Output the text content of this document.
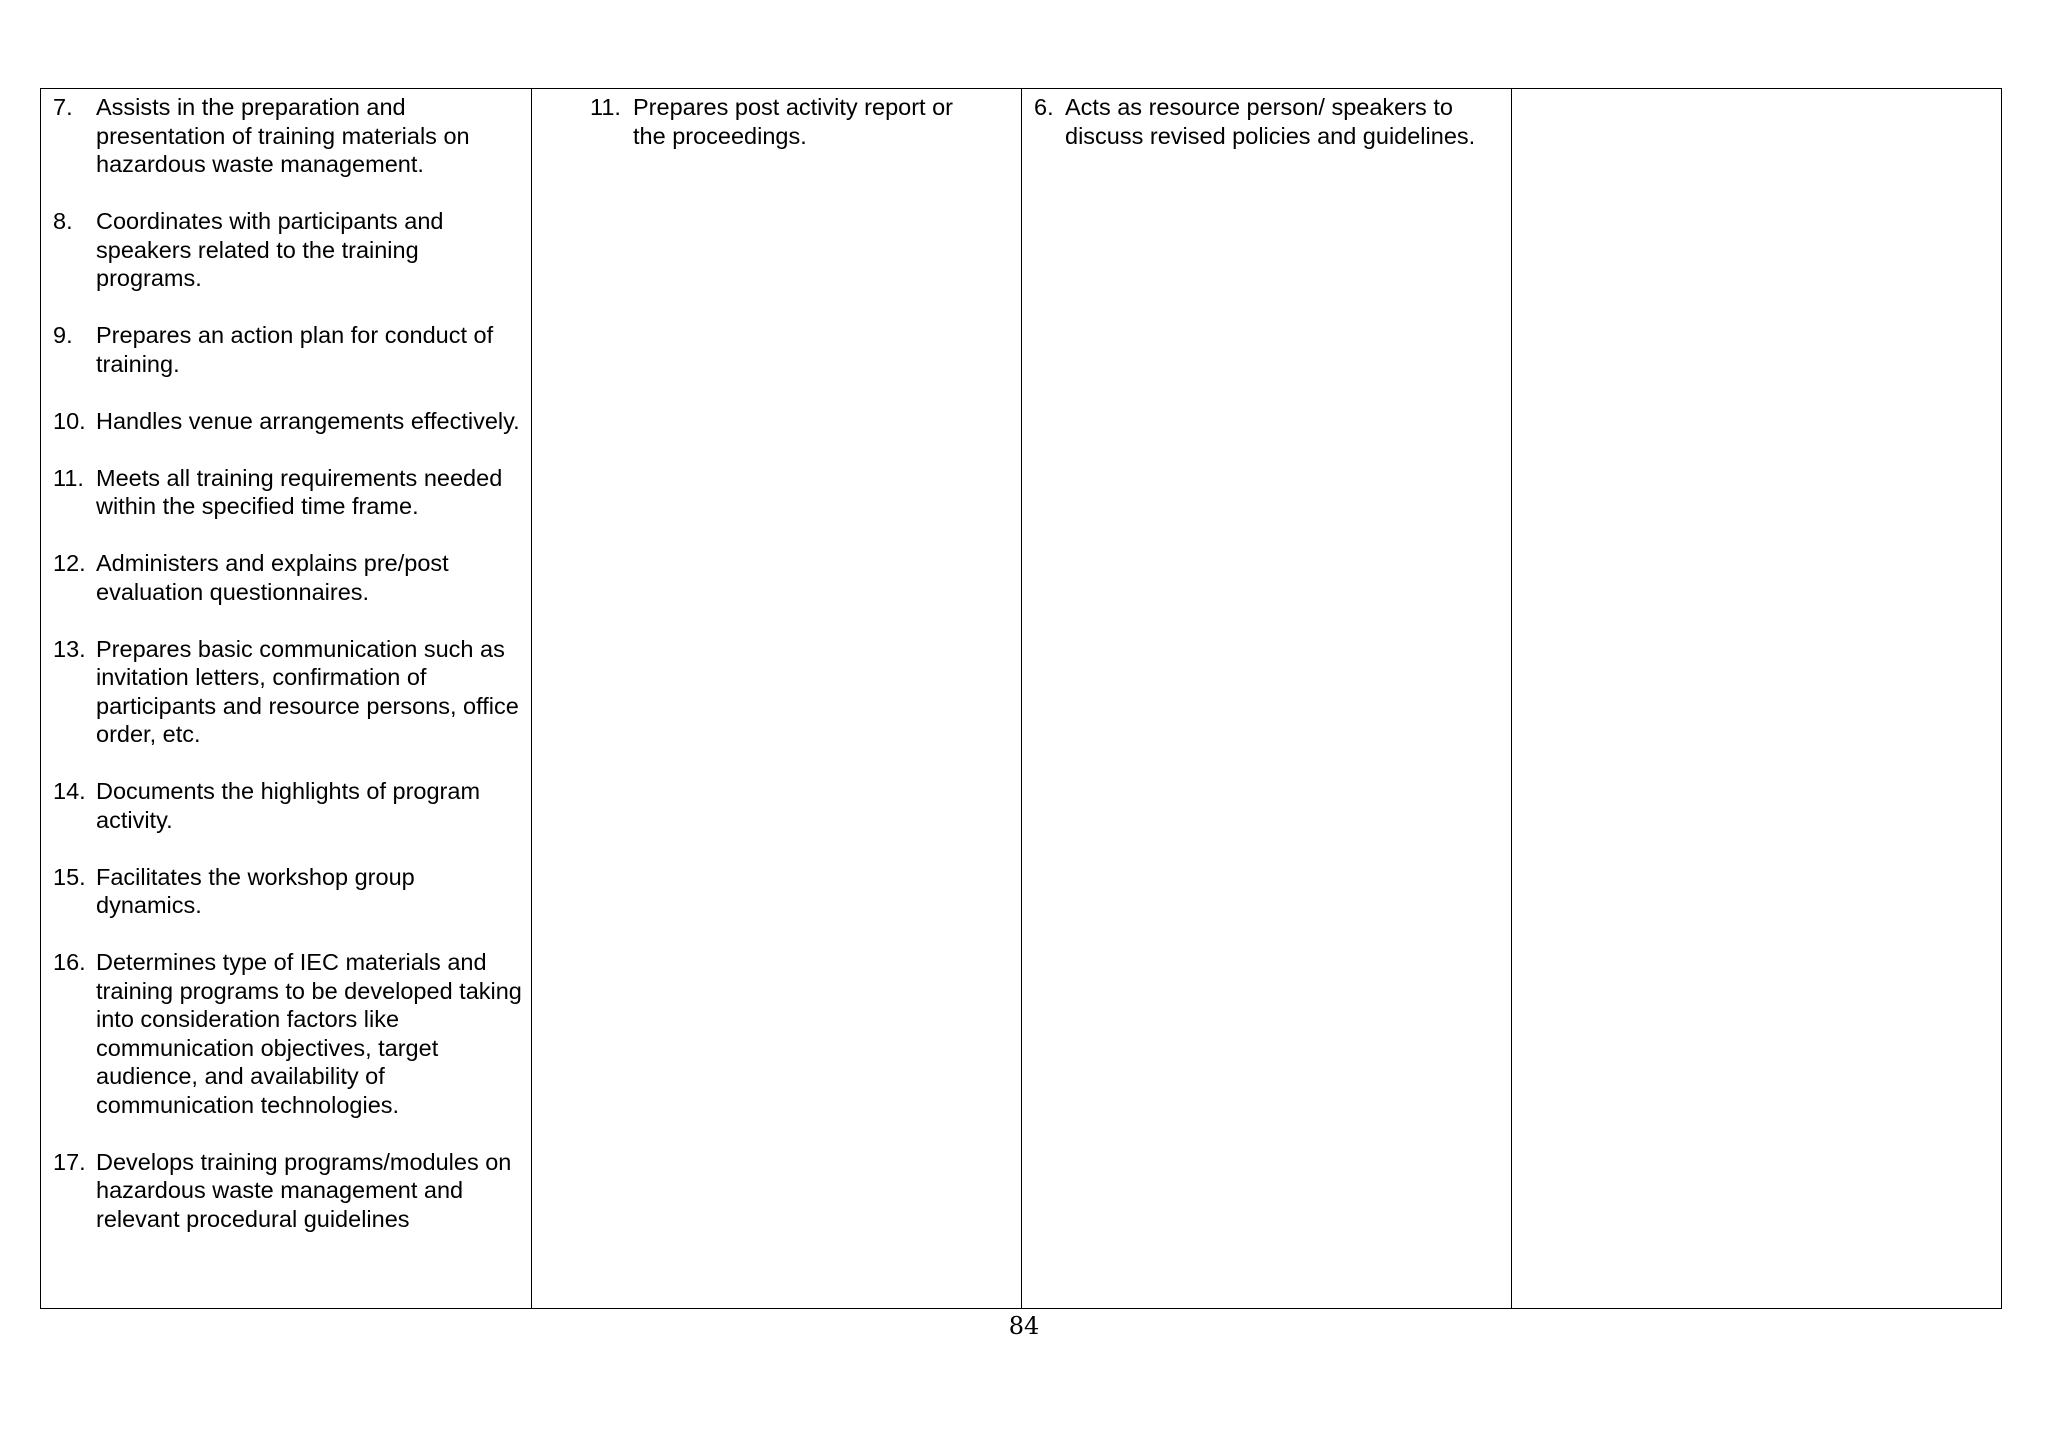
7. Assists in the preparation and presentation of training materials on hazardous waste management.
8. Coordinates with participants and speakers related to the training programs.
9. Prepares an action plan for conduct of training.
10. Handles venue arrangements effectively.
11. Meets all training requirements needed within the specified time frame.
12. Administers and explains pre/post evaluation questionnaires.
13. Prepares basic communication such as invitation letters, confirmation of participants and resource persons, office order, etc.
14. Documents the highlights of program activity.
15. Facilitates the workshop group dynamics.
16. Determines type of IEC materials and training programs to be developed taking into consideration factors like communication objectives, target audience, and availability of communication technologies.
17. Develops training programs/modules on hazardous waste management and relevant procedural guidelines
11. Prepares post activity report or the proceedings.
6. Acts as resource person/ speakers to discuss revised policies and guidelines.
84
